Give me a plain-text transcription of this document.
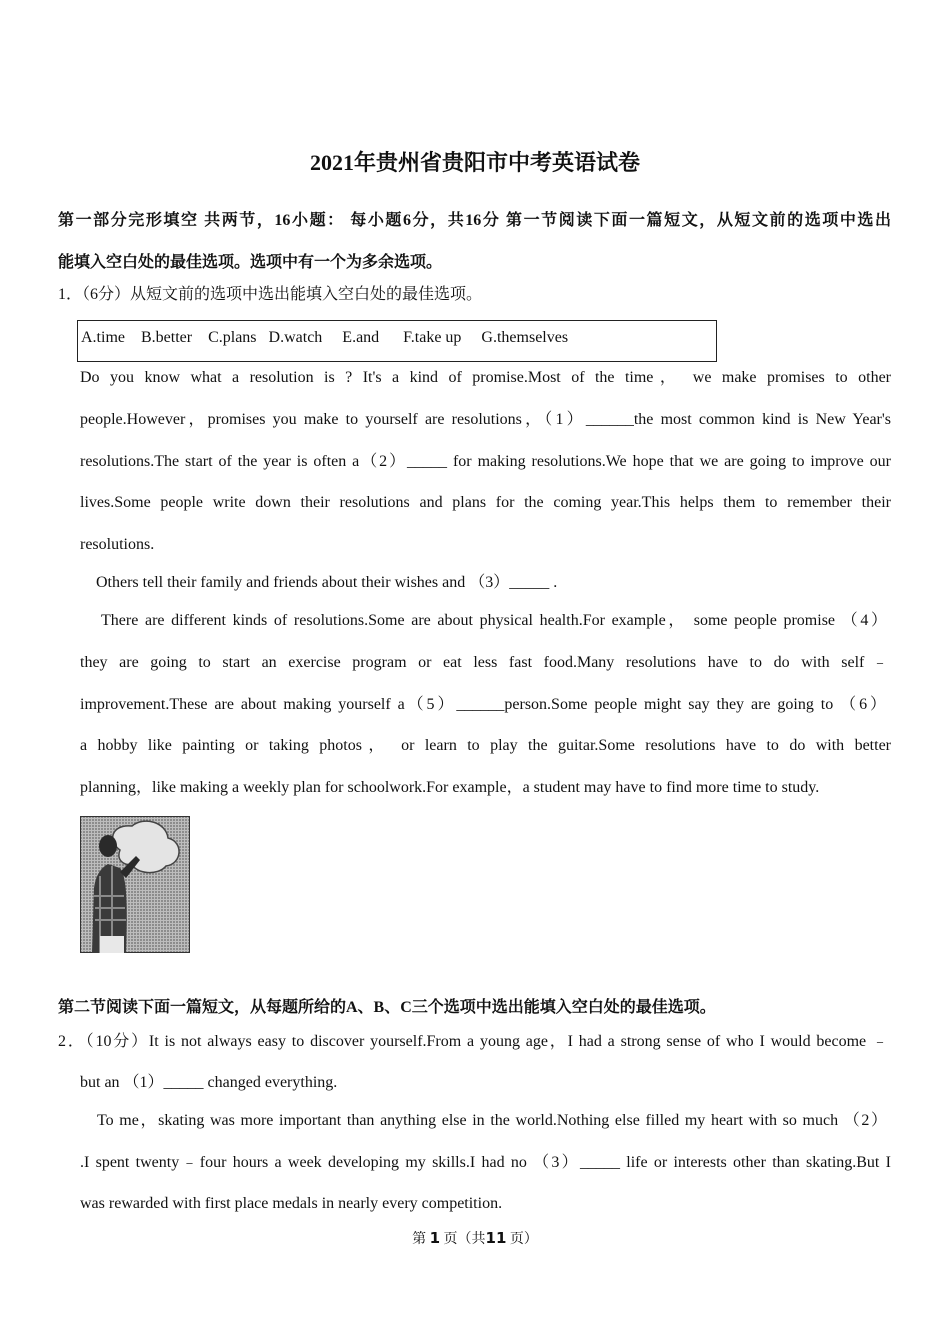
2021年贵州省贵阳市中考英语试卷
第一部分完形填空 共两节，16小题： 每小题6分，共16分 第一节阅读下面一篇短文，从短文前的选项中选出
能填入空白处的最佳选项。选项中有一个为多余选项。
1．（6分）从短文前的选项中选出能填入空白处的最佳选项。
A.time    B.better    C.plans   D.watch     E.and      F.take up     G.themselves
Do you know what a resolution is ? It's a kind of promise.Most of the time， we make promises to other
people.However，promises you make to yourself are resolutions，（1）______the most common kind is New Year's
resolutions.The start of the year is often a（2）_____ for making resolutions.We hope that we are going to improve our
lives.Some people write down their resolutions and plans for the coming year.This helps them to remember their
resolutions.
Others tell their family and friends about their wishes and （3）_____ .
There are different kinds of resolutions.Some are about physical health.For example， some people promise （4）
they are going to start an exercise program or eat less fast food.Many resolutions have to do with self﹣
improvement.These are about making yourself a（5）______person.Some people might say they are going to （6）
a hobby like painting or taking photos， or learn to play the guitar.Some resolutions have to do with better
planning，like making a weekly plan for schoolwork.For example，a student may have to find more time to study.
第二节阅读下面一篇短文，从每题所给的A、B、C三个选项中选出能填入空白处的最佳选项。
2．（10分）It is not always easy to discover yourself.From a young age，I had a strong sense of who I would become ﹣
but an （1）_____ changed everything.
To me，skating was more important than anything else in the world.Nothing else filled my heart with so much （2）
.I spent twenty﹣four hours a week developing my skills.I had no （3）_____ life or interests other than skating.But I
was rewarded with first place medals in nearly every competition.
第 1 页（共11 页）
